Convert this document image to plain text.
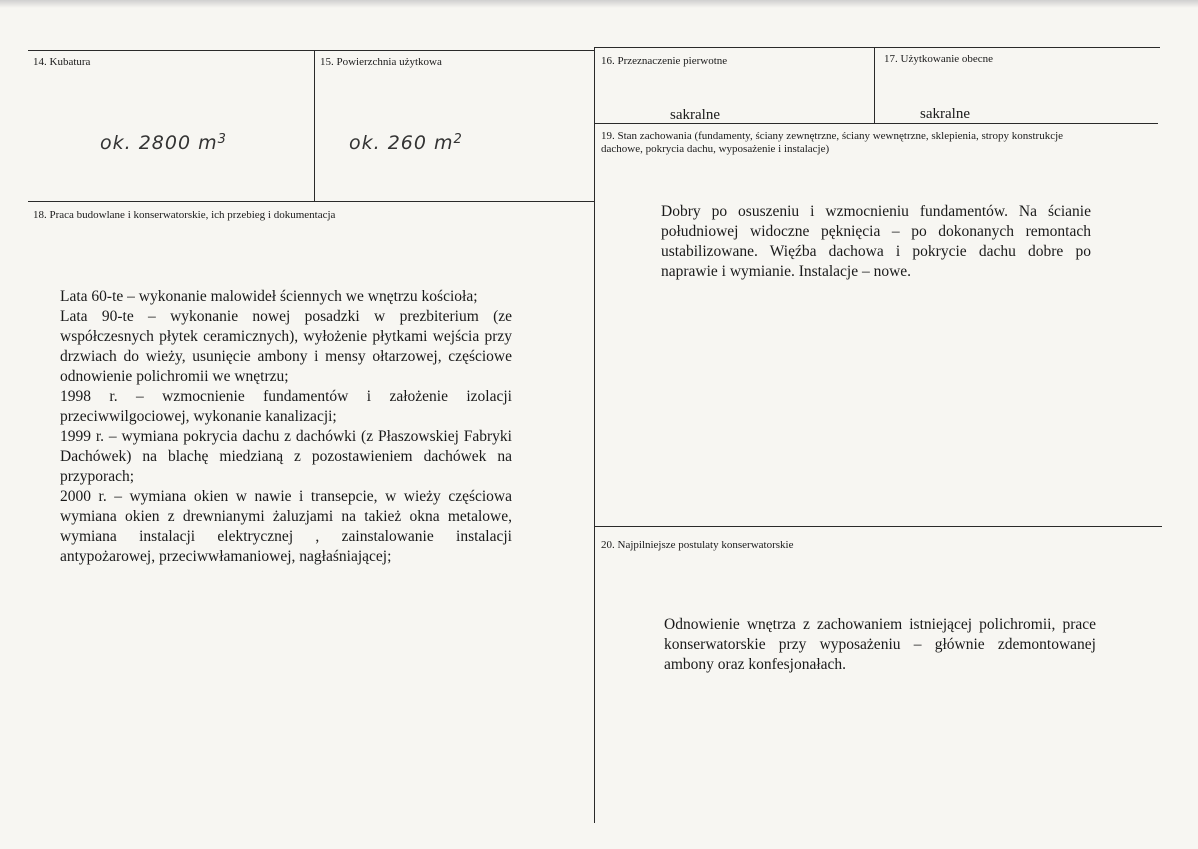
14. Kubatura
ok. 2800 $m^3$
15. Powierzchnia użytkowa
ok. 260 $m^2$
16. Przeznaczenie pierwotne
sakralne
17. Użytkowanie obecne
sakralne
19. Stan zachowania (fundamenty, ściany zewnętrzne, ściany wewnętrzne, sklepienia, stropy konstrukcje dachowe, pokrycia dachu, wyposażenie i instalacje)
Dobry po osuszeniu i wzmocnieniu fundamentów. Na ścianie południowej widoczne pęknięcia – po dokonanych remontach ustabilizowane. Więźba dachowa i pokrycie dachu dobre po naprawie i wymianie. Instalacje – nowe.
18. Praca budowlane i konserwatorskie, ich przebieg i dokumentacja
Lata 60-te – wykonanie malowideł ściennych we wnętrzu kościoła;
Lata 90-te – wykonanie nowej posadzki w prezbiterium (ze współczesnych płytek ceramicznych), wyłożenie płytkami wejścia przy drzwiach do wieży, usunięcie ambony i mensy ołtarzowej, częściowe odnowienie polichromii we wnętrzu;
1998 r. – wzmocnienie fundamentów i założenie izolacji przeciwwilgociowej, wykonanie kanalizacji;
1999 r. – wymiana pokrycia dachu z dachówki (z Płaszowskiej Fabryki Dachówek) na blachę miedzianą z pozostawieniem dachówek na przyporach;
2000 r. – wymiana okien w nawie i transepcie, w wieży częściowa wymiana okien z drewnianymi żaluzjami na takież okna metalowe, wymiana instalacji elektrycznej , zainstalowanie instalacji antypożarowej, przeciwwłamaniowej, nagłaśniającej;
20. Najpilniejsze postulaty konserwatorskie
Odnowienie wnętrza z zachowaniem istniejącej polichromii, prace konserwatorskie przy wyposażeniu – głównie zdemontowanej ambony oraz konfesjonałach.
